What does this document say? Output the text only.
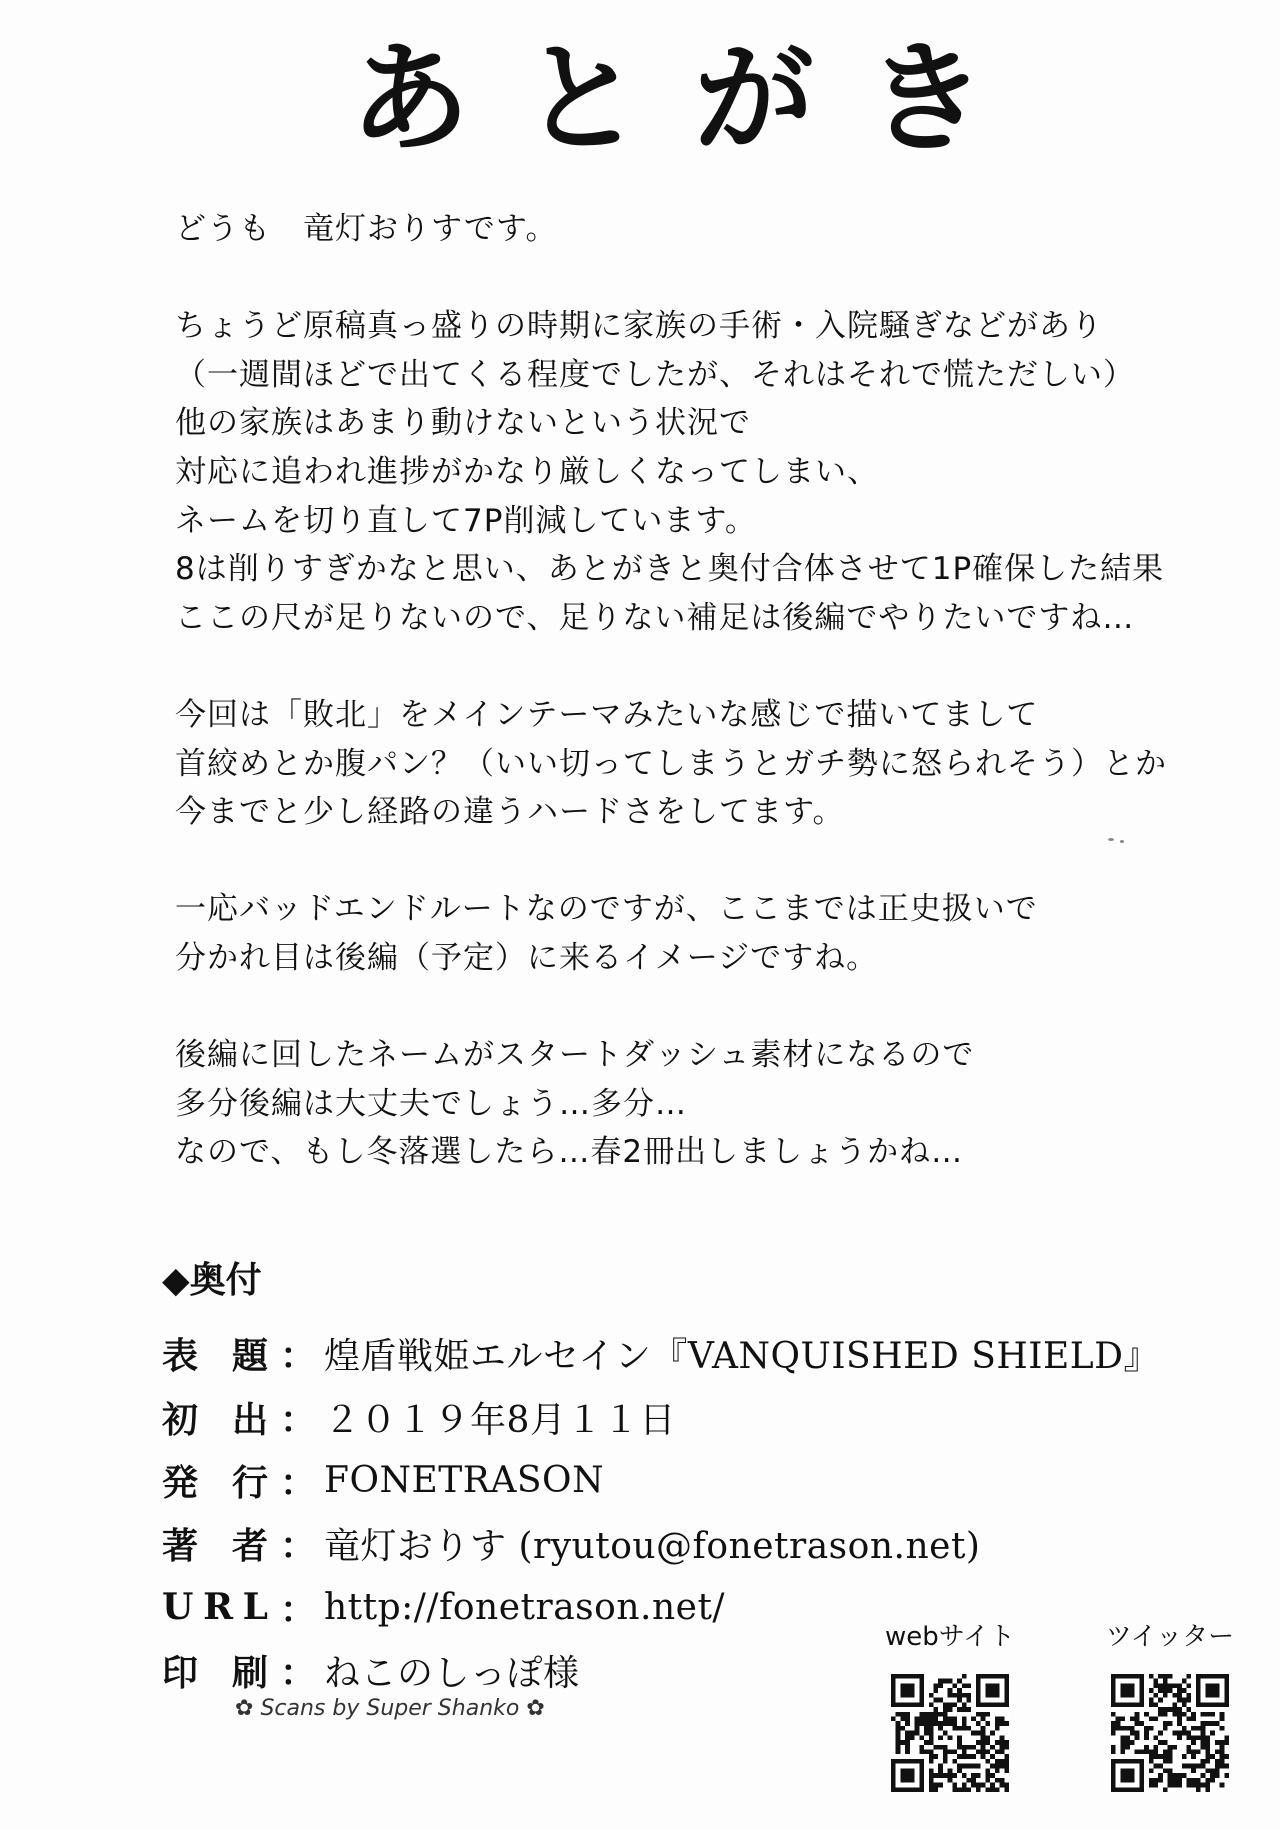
あとがき
どうも　竜灯おりすです。
ちょうど原稿真っ盛りの時期に家族の手術・入院騒ぎなどがあり
（一週間ほどで出てくる程度でしたが、それはそれで慌ただしい）
他の家族はあまり動けないという状況で
対応に追われ進捗がかなり厳しくなってしまい、
ネームを切り直して7P削減しています。
8は削りすぎかなと思い、あとがきと奥付合体させて1P確保した結果
ここの尺が足りないので、足りない補足は後編でやりたいですね…
今回は「敗北」をメインテーマみたいな感じで描いてまして
首絞めとか腹パン？（いい切ってしまうとガチ勢に怒られそう）とか
今までと少し経路の違うハードさをしてます。
一応バッドエンドルートなのですが、ここまでは正史扱いで
分かれ目は後編（予定）に来るイメージですね。
後編に回したネームがスタートダッシュ素材になるので
多分後編は大丈夫でしょう…多分…
なので、もし冬落選したら…春2冊出しましょうかね…
◆奥付
表 題 ： 煌盾戦姫エルセイン『VANQUISHED SHIELD』
初 出 ： ２０１９年8月１１日
発 行 ： FONETRASON
著 者 ： 竜灯おりす (ryutou@fonetrason.net)
U R L ： http://fonetrason.net/
印 刷 ： ねこのしっぽ様
✿ Scans by Super Shanko ✿
webサイト	ツイッター
